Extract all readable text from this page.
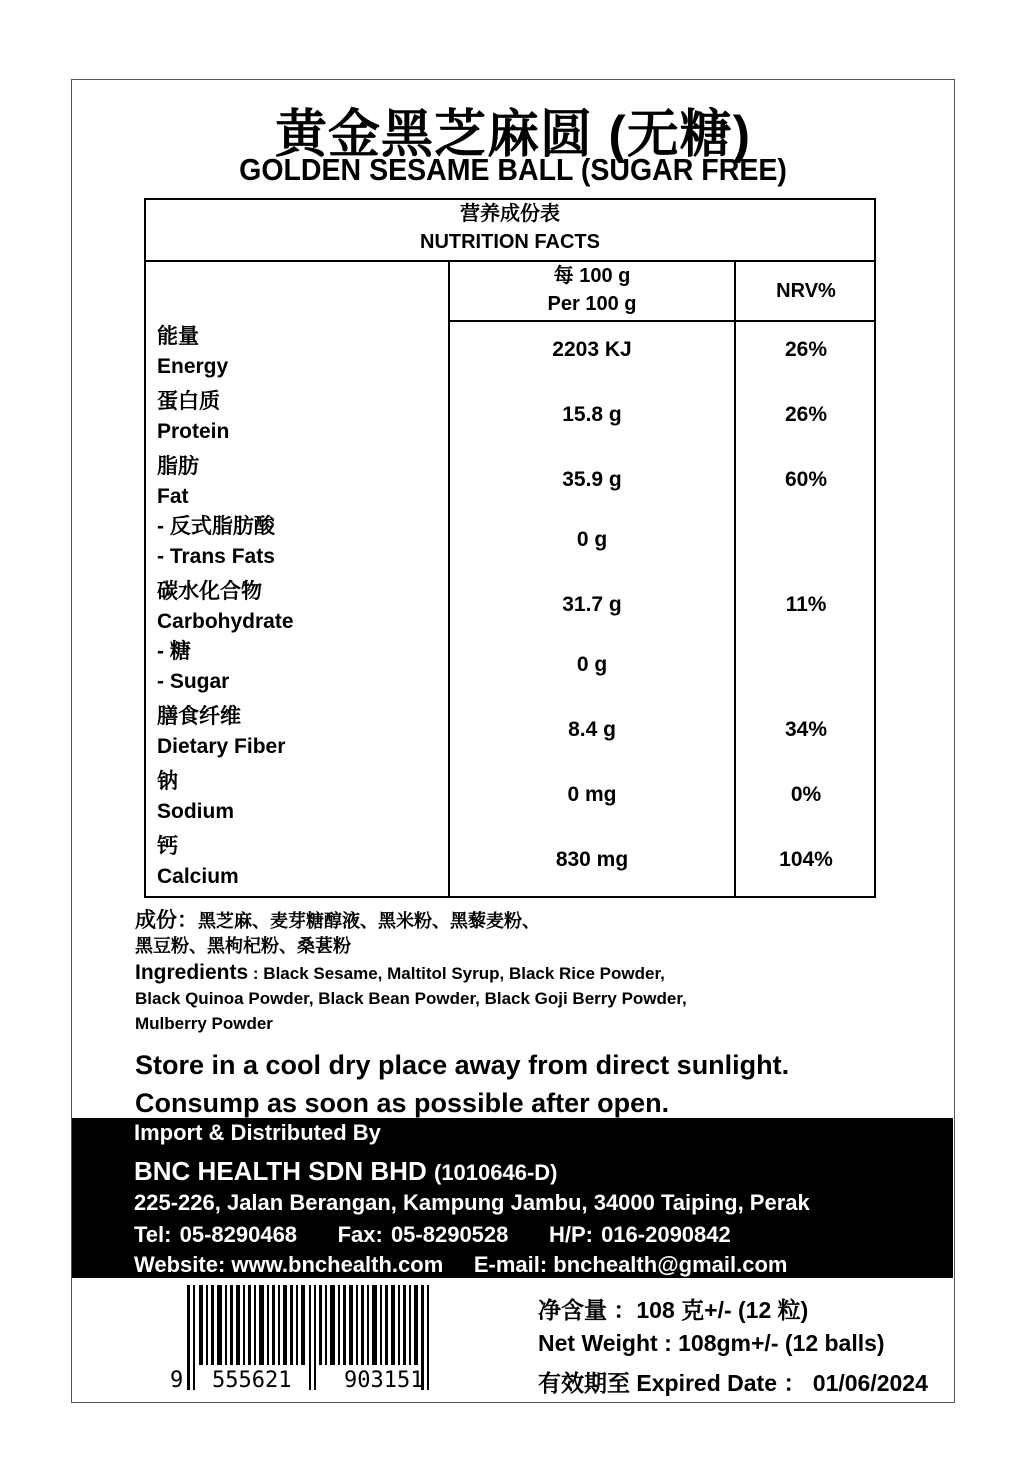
黄金黑芝麻圆 (无糖)
GOLDEN SESAME BALL (SUGAR FREE)
营养成份表
NUTRITION FACTS
每 100 g
Per 100 g
NRV%
能量
Energy
2203 KJ	26%
蛋白质
Protein
15.8 g	26%
脂肪
Fat
35.9 g	60%
- 反式脂肪酸
- Trans Fats
0 g
碳水化合物
Carbohydrate
31.7 g	11%
- 糖
- Sugar
0 g
膳食纤维
Dietary Fiber
8.4 g	34%
钠
Sodium
0 mg	0%
钙
Calcium
830 mg	104%
成份：黑芝麻、麦芽糖醇液、黑米粉、黑藜麦粉、
黑豆粉、黑枸杞粉、桑葚粉
Ingredients : Black Sesame, Maltitol Syrup, Black Rice Powder,
Black Quinoa Powder, Black Bean Powder, Black Goji Berry Powder,
Mulberry Powder
Store in a cool dry place away from direct sunlight.
Consump as soon as possible after open.
Import & Distributed By
BNC HEALTH SDN BHD (1010646-D)
225-226, Jalan Berangan, Kampung Jambu, 34000 Taiping, Perak
Tel: 05-8290468     Fax: 05-8290528     H/P: 016-2090842
Website: www.bnchealth.com     E-mail: bnchealth@gmail.com
9 555621 903151
净含量 ：108 克+/- (12 粒)
Net Weight : 108gm+/- (12 balls)
有效期至 Expired Date ： 01/06/2024
